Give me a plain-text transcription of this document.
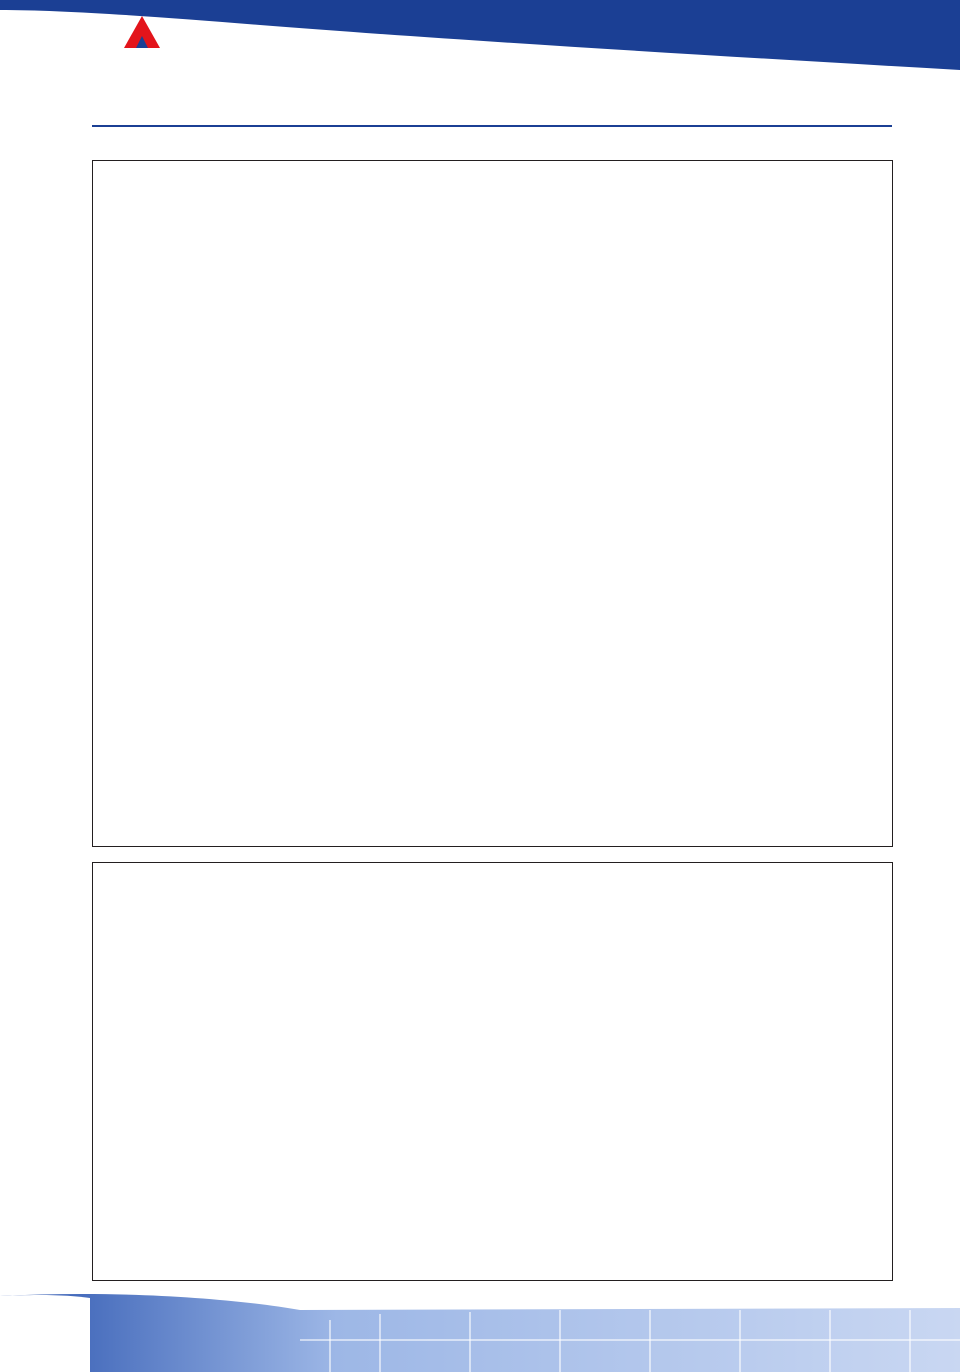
Z P S
